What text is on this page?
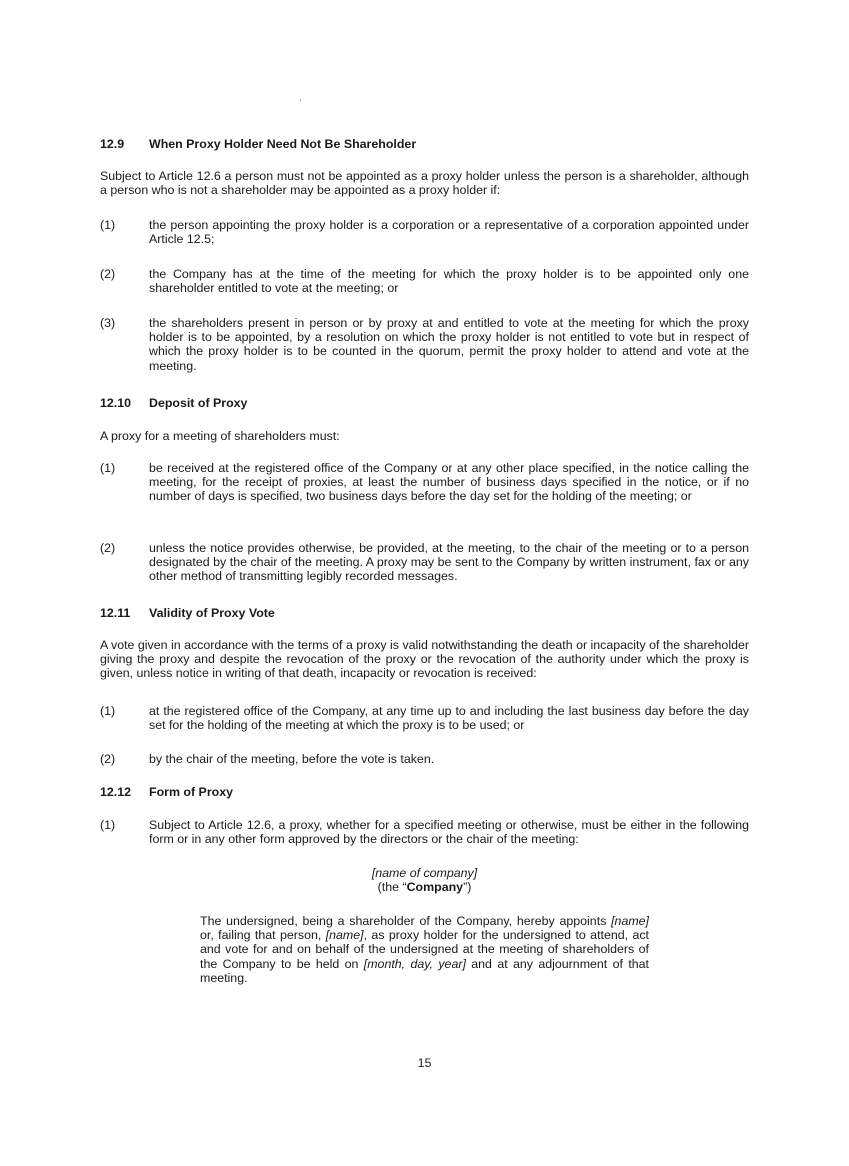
12.9 When Proxy Holder Need Not Be Shareholder
Subject to Article 12.6 a person must not be appointed as a proxy holder unless the person is a shareholder, although a person who is not a shareholder may be appointed as a proxy holder if:
(1)	the person appointing the proxy holder is a corporation or a representative of a corporation appointed under Article 12.5;
(2)	the Company has at the time of the meeting for which the proxy holder is to be appointed only one shareholder entitled to vote at the meeting; or
(3)	the shareholders present in person or by proxy at and entitled to vote at the meeting for which the proxy holder is to be appointed, by a resolution on which the proxy holder is not entitled to vote but in respect of which the proxy holder is to be counted in the quorum, permit the proxy holder to attend and vote at the meeting.
12.10 Deposit of Proxy
A proxy for a meeting of shareholders must:
(1)	be received at the registered office of the Company or at any other place specified, in the notice calling the meeting, for the receipt of proxies, at least the number of business days specified in the notice, or if no number of days is specified, two business days before the day set for the holding of the meeting; or
(2)	unless the notice provides otherwise, be provided, at the meeting, to the chair of the meeting or to a person designated by the chair of the meeting. A proxy may be sent to the Company by written instrument, fax or any other method of transmitting legibly recorded messages.
12.11 Validity of Proxy Vote
A vote given in accordance with the terms of a proxy is valid notwithstanding the death or incapacity of the shareholder giving the proxy and despite the revocation of the proxy or the revocation of the authority under which the proxy is given, unless notice in writing of that death, incapacity or revocation is received:
(1)	at the registered office of the Company, at any time up to and including the last business day before the day set for the holding of the meeting at which the proxy is to be used; or
(2)	by the chair of the meeting, before the vote is taken.
12.12 Form of Proxy
(1)	Subject to Article 12.6, a proxy, whether for a specified meeting or otherwise, must be either in the following form or in any other form approved by the directors or the chair of the meeting:
[name of company]
(the “Company”)
The undersigned, being a shareholder of the Company, hereby appoints [name] or, failing that person, [name], as proxy holder for the undersigned to attend, act and vote for and on behalf of the undersigned at the meeting of shareholders of the Company to be held on [month, day, year] and at any adjournment of that meeting.
15
